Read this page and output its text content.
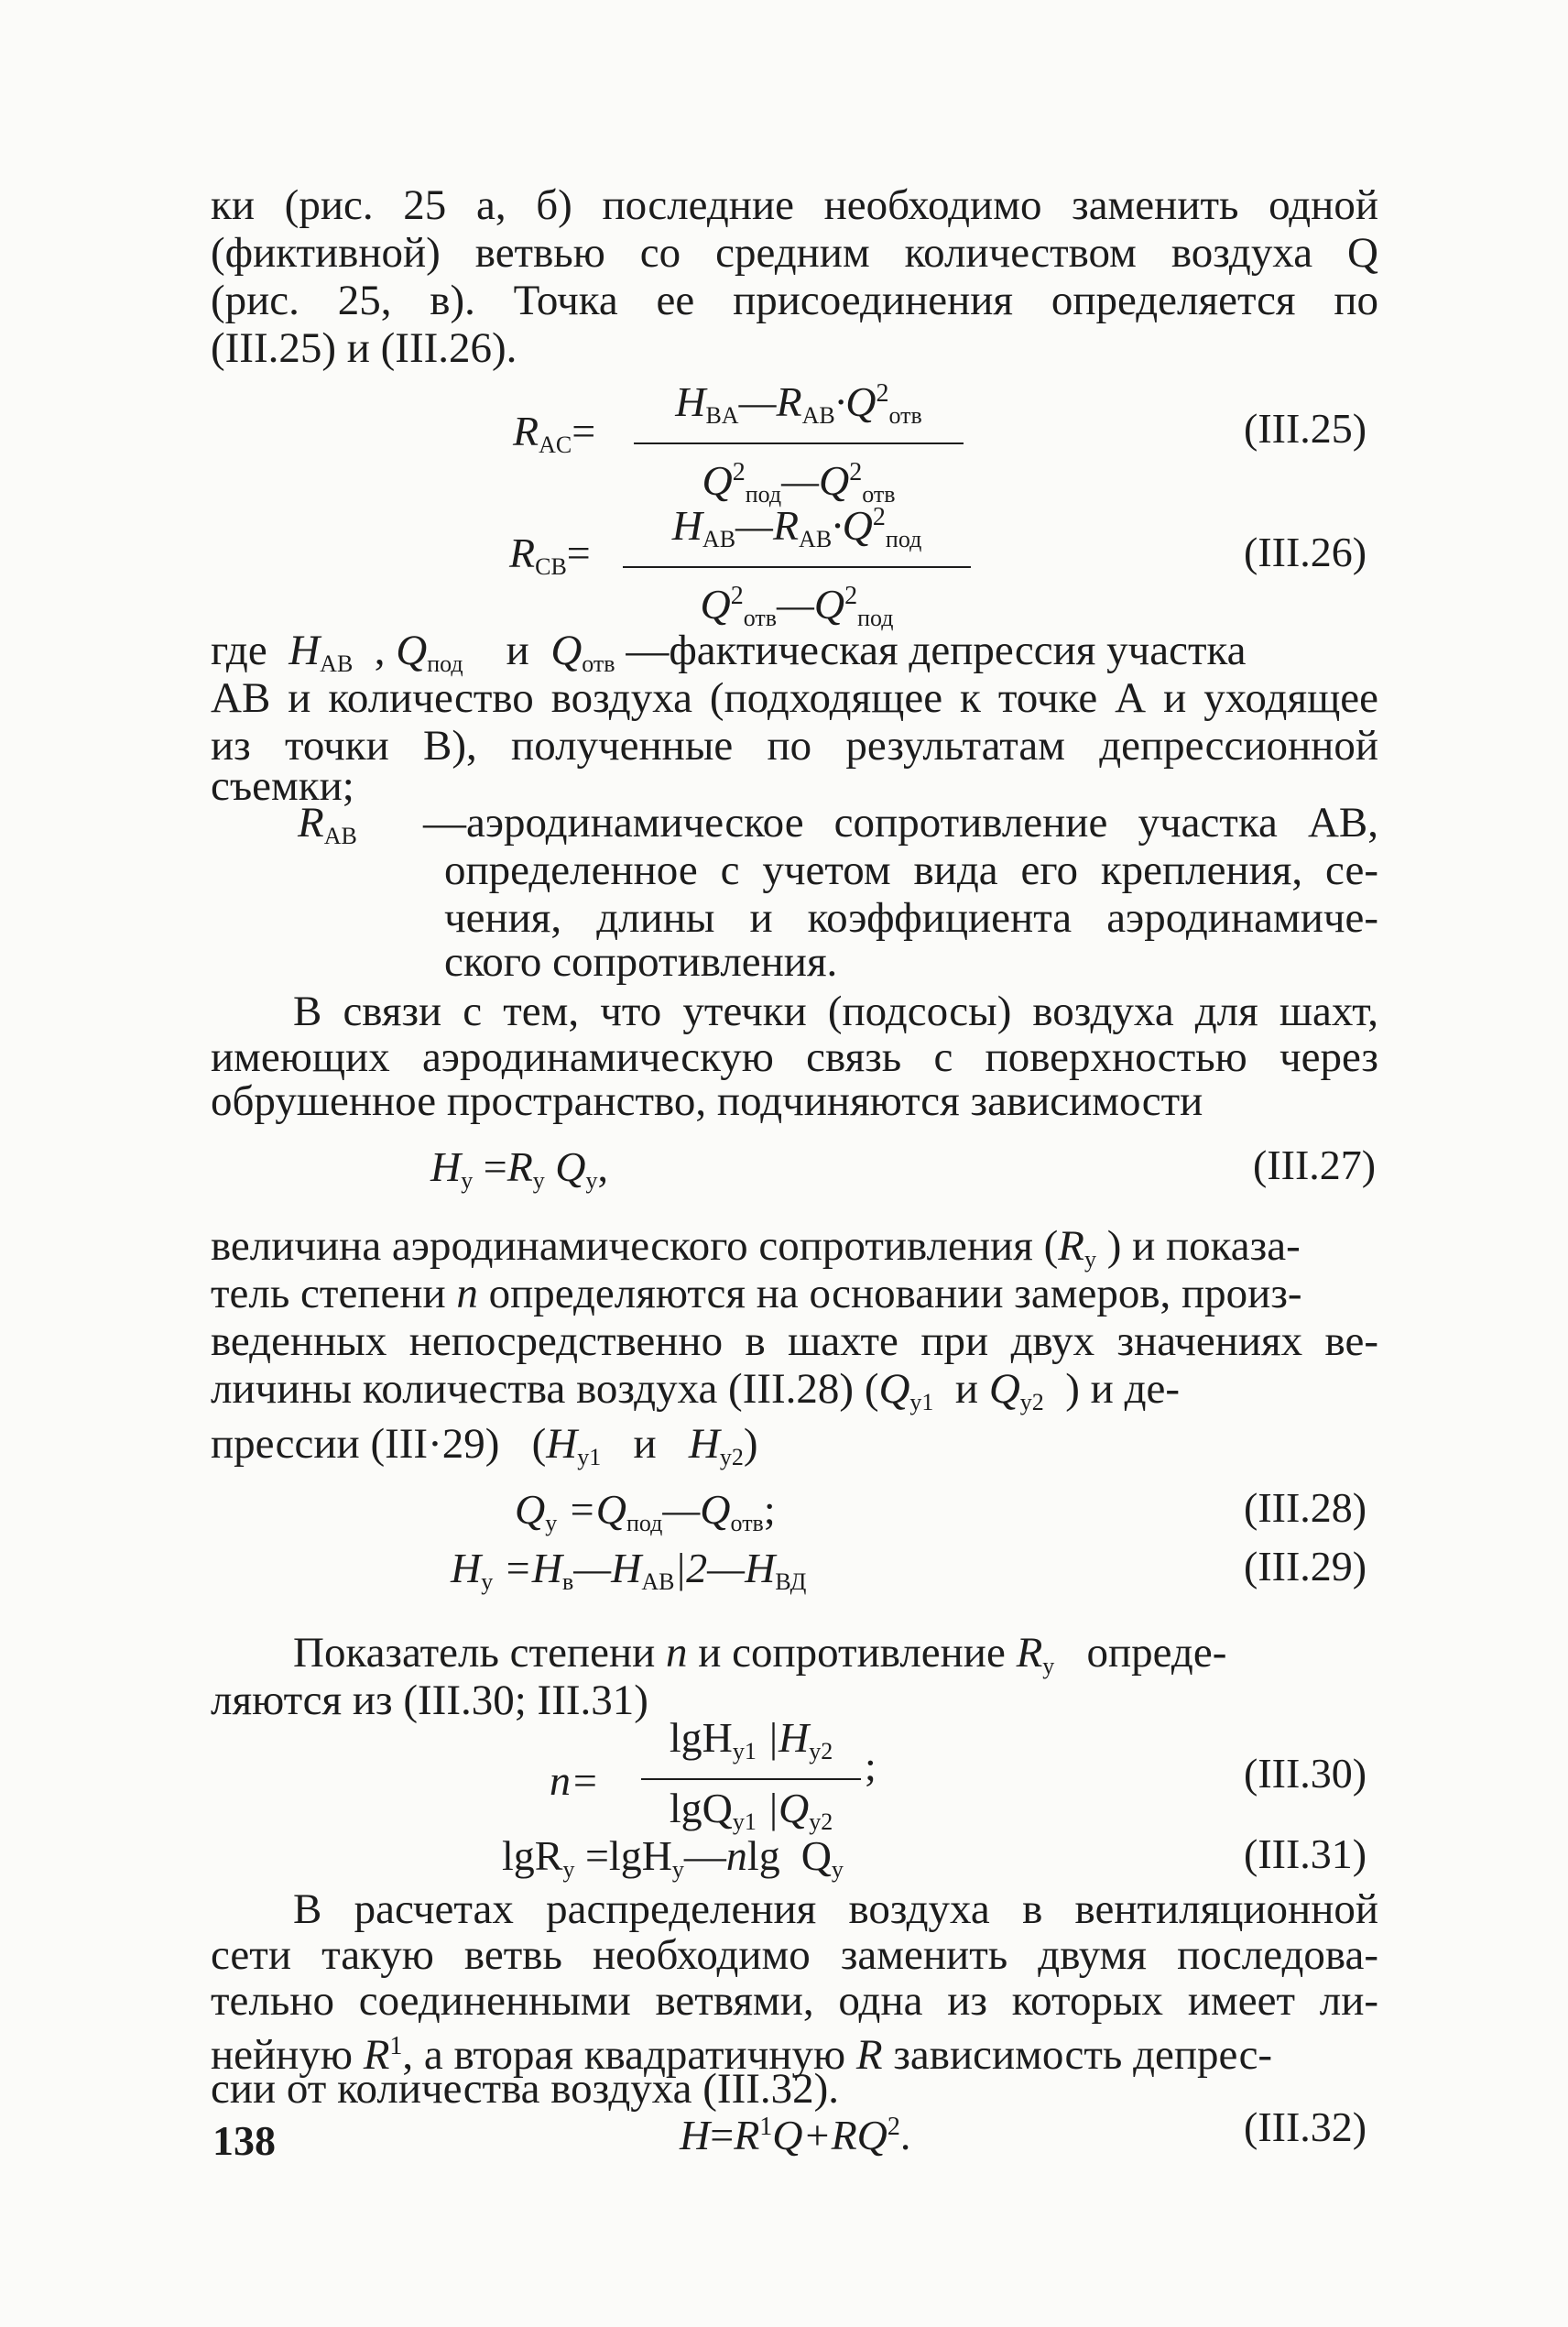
ки (рис. 25 а, б) последние необходимо заменить одной
(фиктивной) ветвью со средним количеством воздуха Q
(рис. 25, в). Точка ее присоединения определяется по
(III.25) и (III.26).
$R_{AC}=$
$H_{BA}—R_{AB}\cdot Q^2_{отв}$
$Q^2_{под}—Q^2_{отв}$
(III.25)
$R_{CB}=$
$H_{AB}—R_{AB}\cdot Q^2_{под}$
$Q^2_{отв}—Q^2_{под}$
(III.26)
где $H_{AB}$ , $Q_{под}$ и $Q_{отв}$ —фактическая депрессия участка
АВ и количество воздуха (подходящее к точке А и уходящее
из точки В), полученные по результатам депрессионной
съемки;
$R_{AB}$	—аэродинамическое сопротивление участка АВ,
определенное с учетом вида его крепления, се-
чения, длины и коэффициента аэродинамиче-
ского сопротивления.
В связи с тем, что утечки (подсосы) воздуха для шахт,
имеющих аэродинамическую связь с поверхностью через
обрушенное пространство, подчиняются зависимости
$H_у =R_у$ $Q_у$,	(III.27)
величина аэродинамического сопротивления ($R_у$ ) и показа-
тель степени n определяются на основании замеров, произ-
веденных непосредственно в шахте при двух значениях ве-
личины количества воздуха (III.28) ($Q_{у1}$  и $Q_{у2}$  ) и де-
прессии (III·29)   ($H_{у1}$   и   $H_{у2}$)
$Q_у$ $=Q_{под}—Q_{отв}$;	(III.28)
$H_у$ $=H_в—H_{AB}|2—H_{ВД}$	(III.29)
Показатель степени n и сопротивление $R_у$   опреде-
ляются из (III.30; III.31)
n=
lgH$_{у1}$ $|H_{у2}$
lgQ$_{у1}$ $|Q_{у2}$
;	(III.30)
lgR$_у$ =lgH$_у$—nlg  $Q_y$	(III.31)
В расчетах распределения воздуха в вентиляционной
сети такую ветвь необходимо заменить двумя последова-
тельно соединенными ветвями, одна из которых имеет ли-
нейную $R^1$, а вторая квадратичную R зависимость депрес-
сии от количества воздуха (III.32).
$H=R^1Q+RQ^2$.	(III.32)
138
